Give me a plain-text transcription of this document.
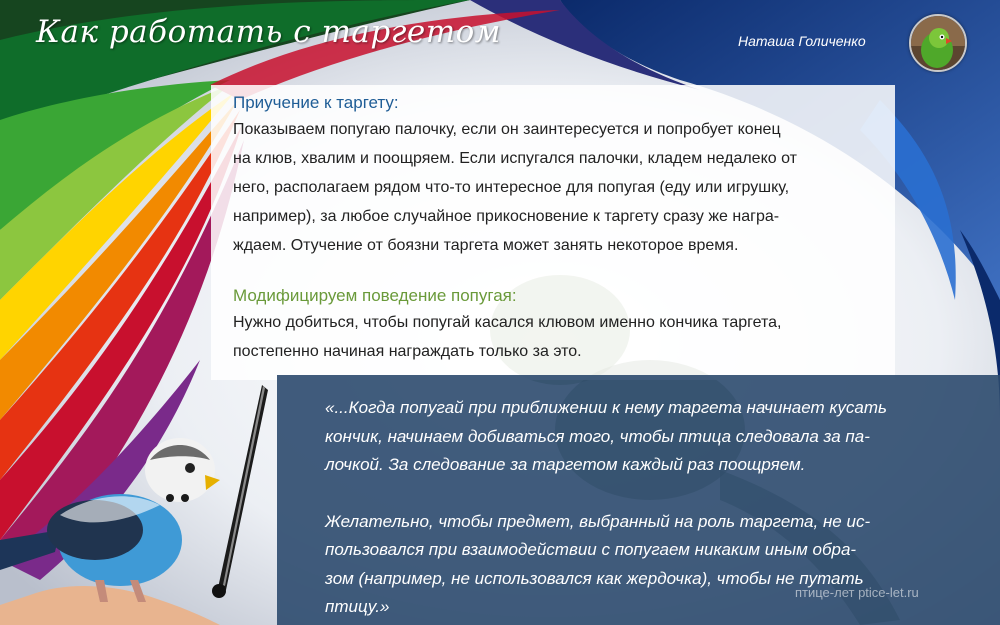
Как работать с таргетом	Наташа Голиченко

Приучение к таргету:

Показываем попугаю палочку, если он заинтересуется и попробует конец

на клюв, хвалим и поощряем. Если испугался палочки, кладем недалеко от

него, располагаем рядом что-то интересное для попугая (еду или игрушку,

например), за любое случайное прикосновение к таргету сразу же награ-

ждаем. Отучение от боязни таргета может занять некоторое время.

Модифицируем поведение попугая:

Нужно добиться, чтобы попугай касался клювом именно кончика таргета,

постепенно начиная награждать только за это.

«...Когда попугай при приближении к нему таргета начинает кусать

кончик, начинаем добиваться того, чтобы птица следовала за па-

лочкой. За следование за таргетом каждый раз поощряем.

Желательно, чтобы предмет, выбранный на роль таргета, не ис-

пользовался при взаимодействии с попугаем никаким иным обра-

зом (например, не использовался как жердочка), чтобы не путать

птицу.»

птице-лет ptice-let.ru
